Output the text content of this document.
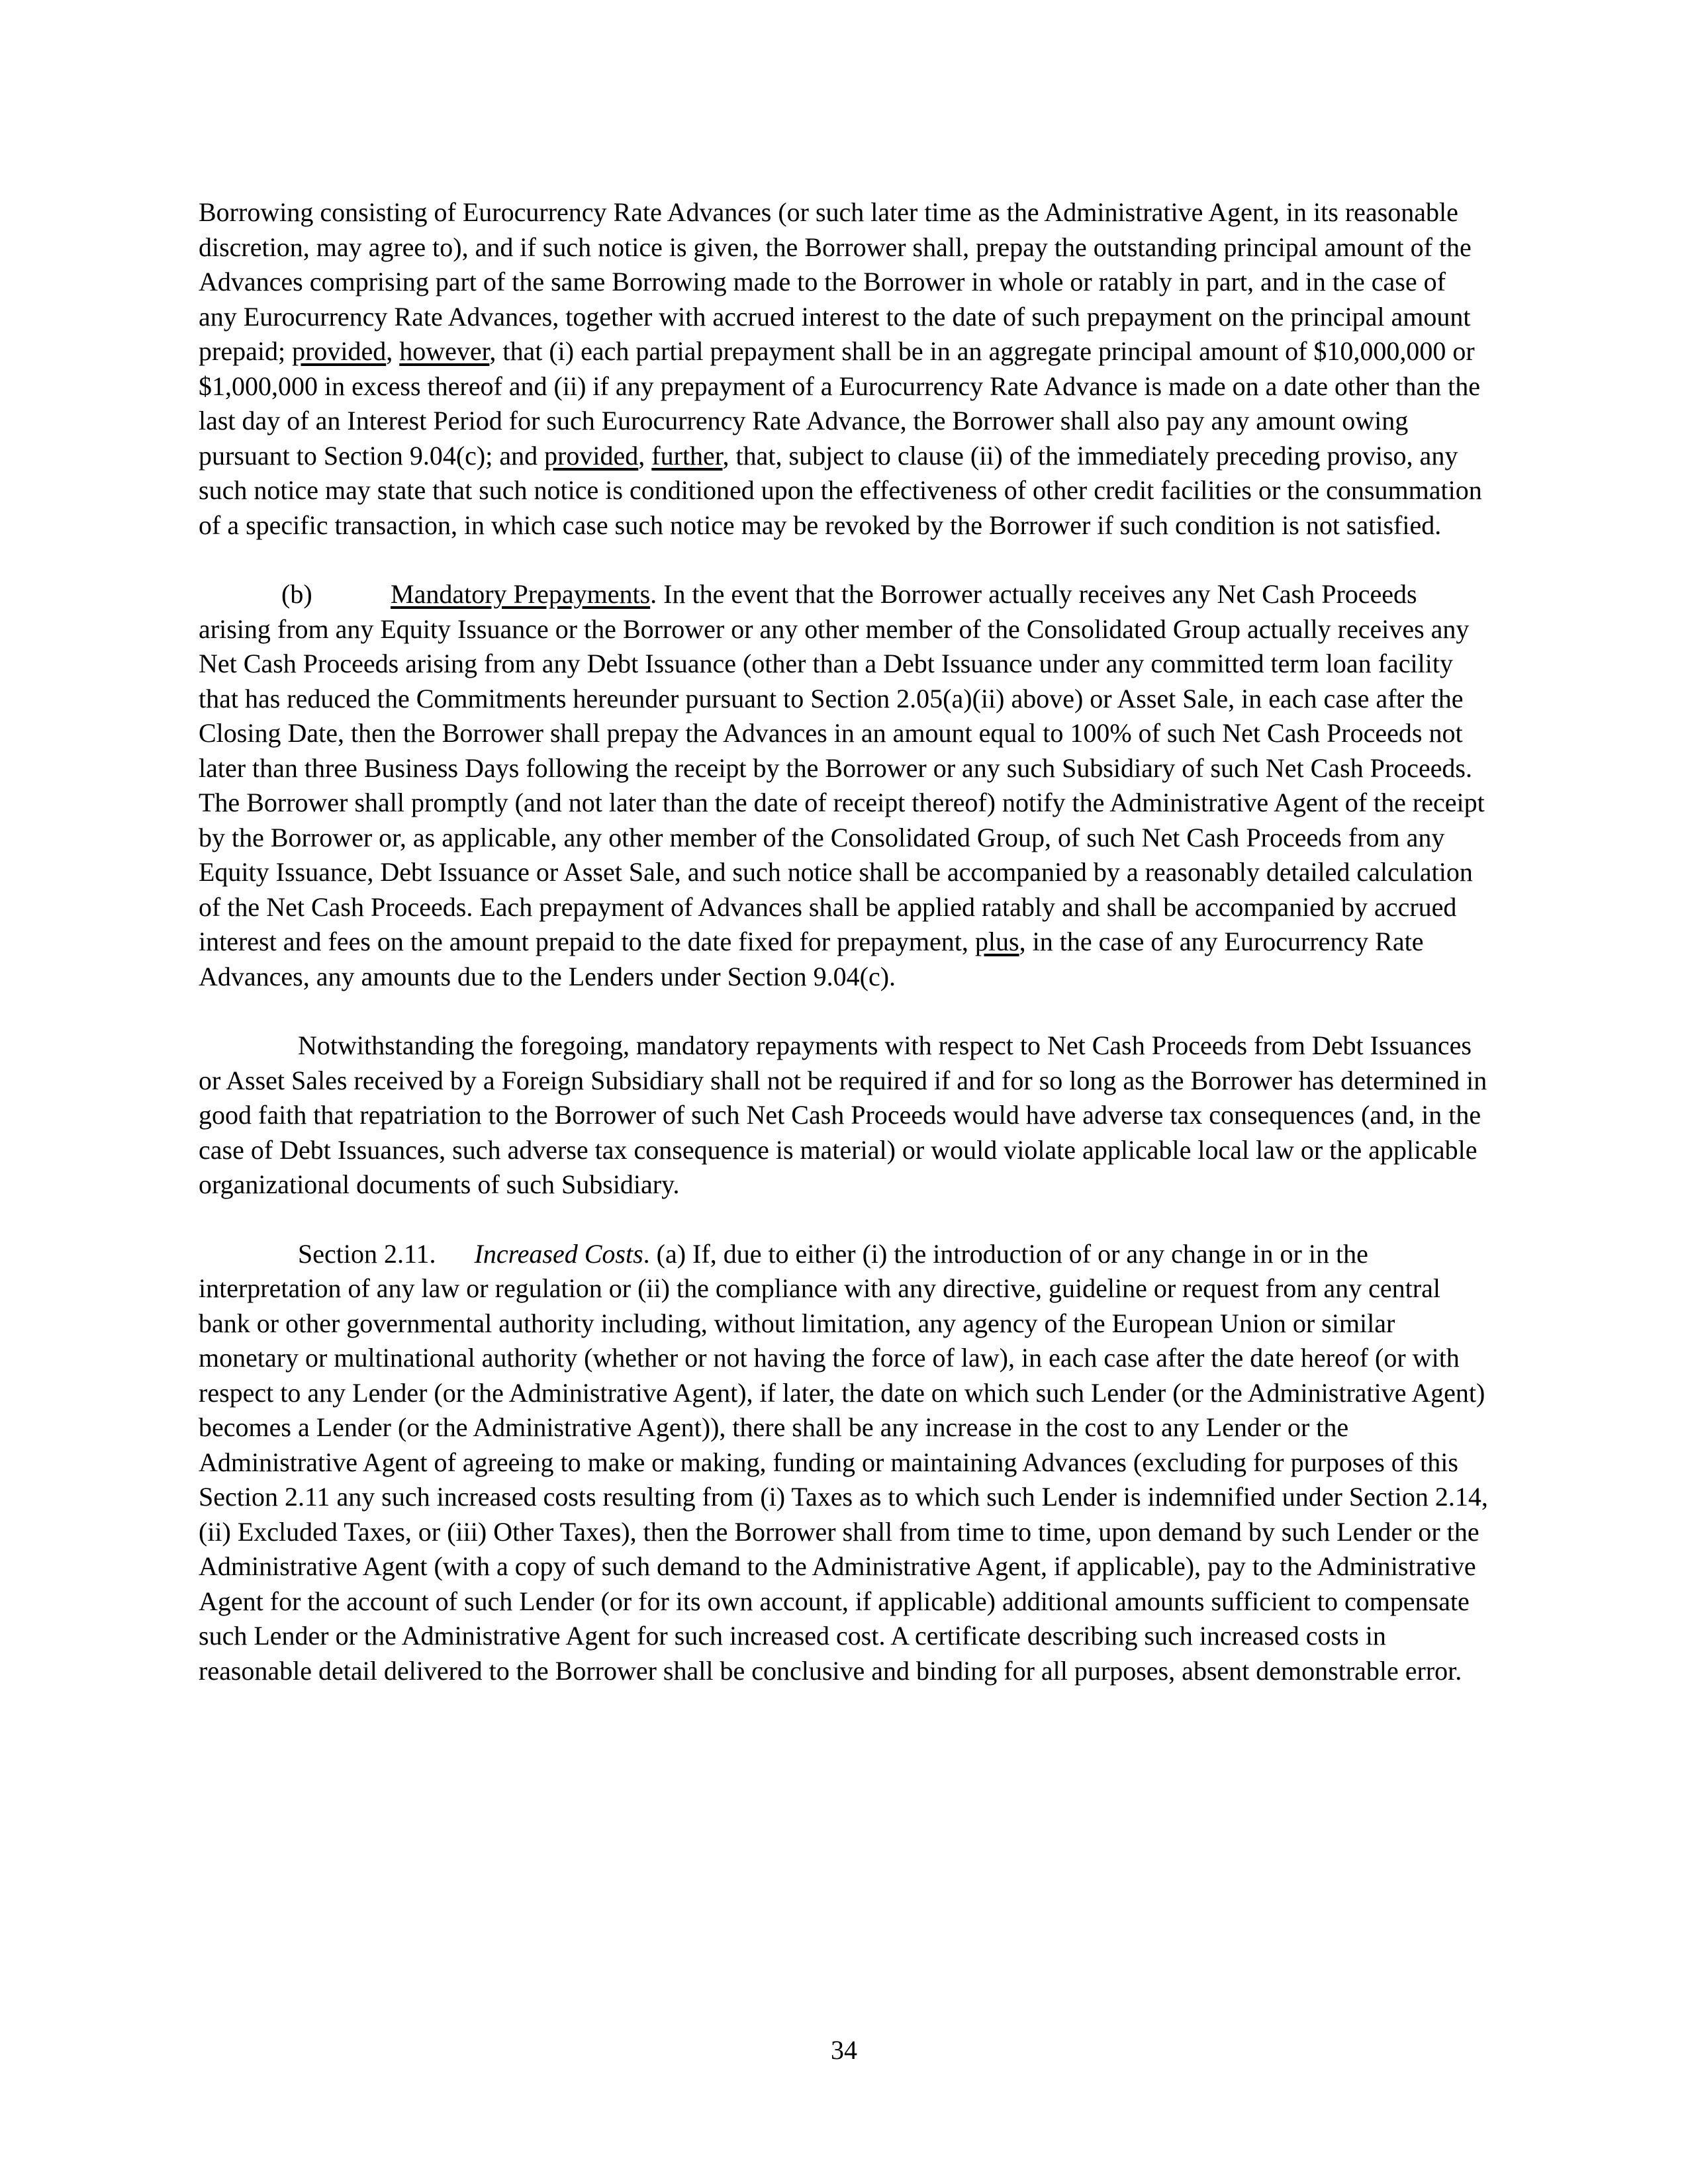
Borrowing consisting of Eurocurrency Rate Advances (or such later time as the Administrative Agent, in its reasonable discretion, may agree to), and if such notice is given, the Borrower shall, prepay the outstanding principal amount of the Advances comprising part of the same Borrowing made to the Borrower in whole or ratably in part, and in the case of any Eurocurrency Rate Advances, together with accrued interest to the date of such prepayment on the principal amount prepaid; provided, however, that (i) each partial prepayment shall be in an aggregate principal amount of $10,000,000 or $1,000,000 in excess thereof and (ii) if any prepayment of a Eurocurrency Rate Advance is made on a date other than the last day of an Interest Period for such Eurocurrency Rate Advance, the Borrower shall also pay any amount owing pursuant to Section 9.04(c); and provided, further, that, subject to clause (ii) of the immediately preceding proviso, any such notice may state that such notice is conditioned upon the effectiveness of other credit facilities or the consummation of a specific transaction, in which case such notice may be revoked by the Borrower if such condition is not satisfied.

(b)	Mandatory Prepayments. In the event that the Borrower actually receives any Net Cash Proceeds arising from any Equity Issuance or the Borrower or any other member of the Consolidated Group actually receives any Net Cash Proceeds arising from any Debt Issuance (other than a Debt Issuance under any committed term loan facility that has reduced the Commitments hereunder pursuant to Section 2.05(a)(ii) above) or Asset Sale, in each case after the Closing Date, then the Borrower shall prepay the Advances in an amount equal to 100% of such Net Cash Proceeds not later than three Business Days following the receipt by the Borrower or any such Subsidiary of such Net Cash Proceeds. The Borrower shall promptly (and not later than the date of receipt thereof) notify the Administrative Agent of the receipt by the Borrower or, as applicable, any other member of the Consolidated Group, of such Net Cash Proceeds from any Equity Issuance, Debt Issuance or Asset Sale, and such notice shall be accompanied by a reasonably detailed calculation of the Net Cash Proceeds. Each prepayment of Advances shall be applied ratably and shall be accompanied by accrued interest and fees on the amount prepaid to the date fixed for prepayment, plus, in the case of any Eurocurrency Rate Advances, any amounts due to the Lenders under Section 9.04(c).

Notwithstanding the foregoing, mandatory repayments with respect to Net Cash Proceeds from Debt Issuances or Asset Sales received by a Foreign Subsidiary shall not be required if and for so long as the Borrower has determined in good faith that repatriation to the Borrower of such Net Cash Proceeds would have adverse tax consequences (and, in the case of Debt Issuances, such adverse tax consequence is material) or would violate applicable local law or the applicable organizational documents of such Subsidiary.

Section 2.11. Increased Costs. (a) If, due to either (i) the introduction of or any change in or in the interpretation of any law or regulation or (ii) the compliance with any directive, guideline or request from any central bank or other governmental authority including, without limitation, any agency of the European Union or similar monetary or multinational authority (whether or not having the force of law), in each case after the date hereof (or with respect to any Lender (or the Administrative Agent), if later, the date on which such Lender (or the Administrative Agent) becomes a Lender (or the Administrative Agent)), there shall be any increase in the cost to any Lender or the Administrative Agent of agreeing to make or making, funding or maintaining Advances (excluding for purposes of this Section 2.11 any such increased costs resulting from (i) Taxes as to which such Lender is indemnified under Section 2.14, (ii) Excluded Taxes, or (iii) Other Taxes), then the Borrower shall from time to time, upon demand by such Lender or the Administrative Agent (with a copy of such demand to the Administrative Agent, if applicable), pay to the Administrative Agent for the account of such Lender (or for its own account, if applicable) additional amounts sufficient to compensate such Lender or the Administrative Agent for such increased cost. A certificate describing such increased costs in reasonable detail delivered to the Borrower shall be conclusive and binding for all purposes, absent demonstrable error.

34
